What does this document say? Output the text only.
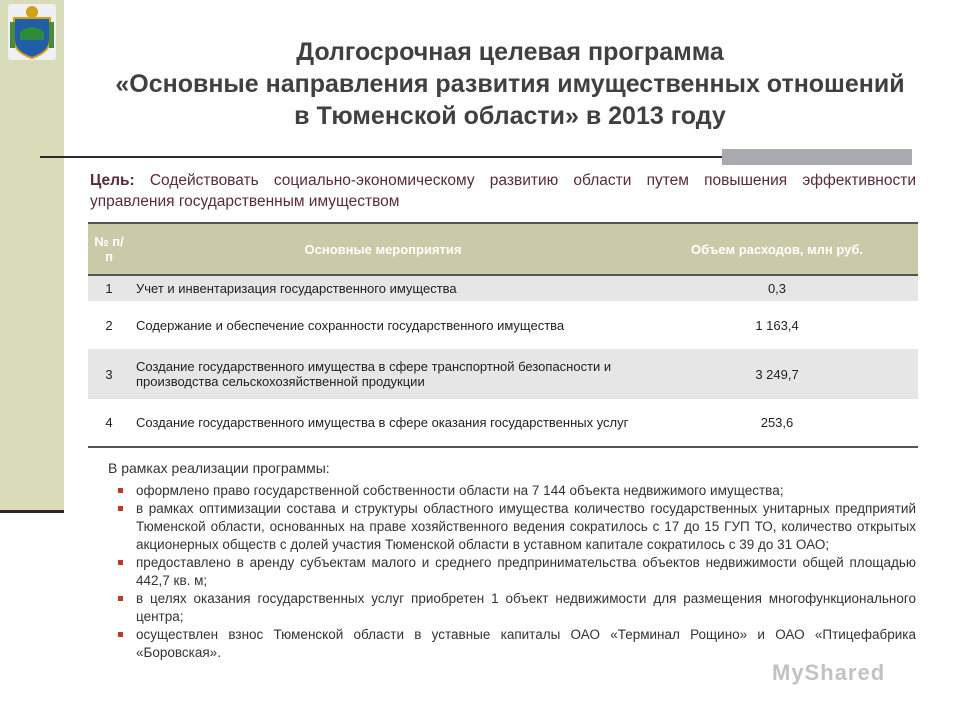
Долгосрочная целевая программа
«Основные направления развития имущественных отношений
в Тюменской области» в 2013 году
Цель: Содействовать социально-экономическому развитию области путем повышения эффективности управления государственным имуществом
№ п/п	Основные мероприятия	Объем расходов, млн руб.
1	Учет и инвентаризация государственного имущества	0,3
2	Содержание и обеспечение сохранности государственного имущества	1 163,4
3	Создание государственного имущества в сфере транспортной безопасности и производства сельскохозяйственной продукции	3 249,7
4	Создание государственного имущества в сфере оказания государственных услуг	253,6
В рамках реализации программы:
оформлено право государственной собственности области на 7 144 объекта недвижимого имущества;
в рамках оптимизации состава и структуры областного имущества количество государственных унитарных предприятий Тюменской области, основанных на праве хозяйственного ведения сократилось с 17 до 15 ГУП ТО, количество открытых акционерных обществ с долей участия Тюменской области в уставном капитале сократилось с 39 до 31 ОАО;
предоставлено в аренду субъектам малого и среднего предпринимательства объектов недвижимости общей площадью 442,7 кв. м;
в целях оказания государственных услуг приобретен 1 объект недвижимости для размещения многофункционального центра;
осуществлен взнос Тюменской области в уставные капиталы ОАО «Терминал Рощино» и ОАО «Птицефабрика «Боровская».
MyShared
